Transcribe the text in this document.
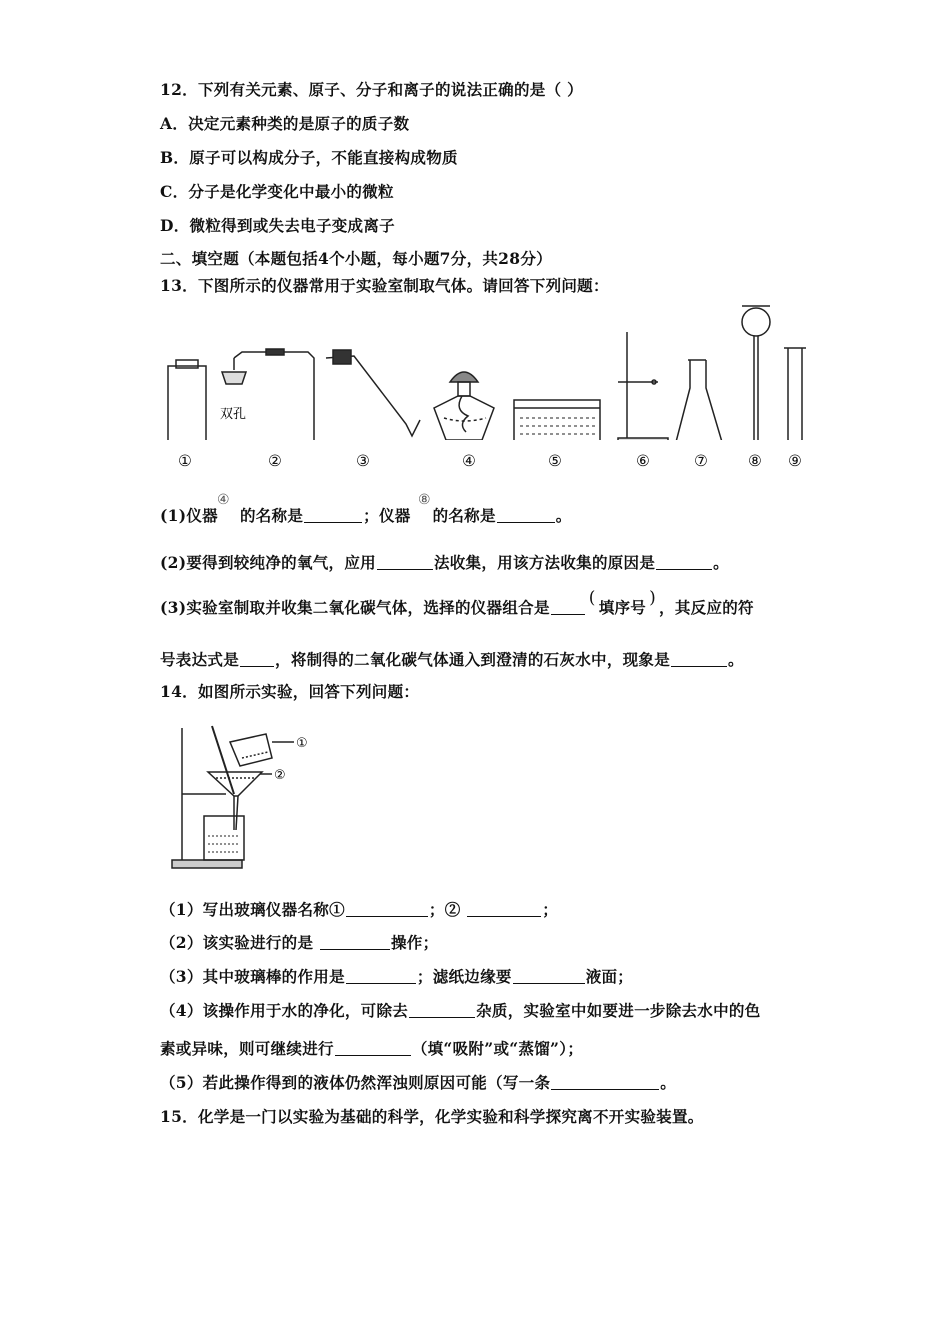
12．下列有关元素、原子、分子和离子的说法正确的是（ ）
A．决定元素种类的是原子的质子数
B．原子可以构成分子，不能直接构成物质
C．分子是化学变化中最小的微粒
D．微粒得到或失去电子变成离子
二、填空题（本题包括4个小题，每小题7分，共28分）
13．下图所示的仪器常用于实验室制取气体。请回答下列问题：
双孔
①	②	③	④	⑤	⑥	⑦	⑧ ⑨
(1)仪器 的名称是	；仪器 的名称是	。
④	⑧
(2)要得到较纯净的氧气，应用	法收集，用该方法收集的原因是	。
(3)实验室制取并收集二氧化碳气体，选择的仪器组合是 ( 填序号 ) ，其反应的符
号表达式是 ，将制得的二氧化碳气体通入到澄清的石灰水中，现象是	。
14．如图所示实验，回答下列问题：
①
②
（1）写出玻璃仪器名称①	；②	；
（2）该实验进行的是	操作；
（3）其中玻璃棒的作用是	；滤纸边缘要	液面；
（4）该操作用于水的净化，可除去	杂质，实验室中如要进一步除去水中的色
素或异味，则可继续进行	（填“吸附”或“蒸馏”）；
（5）若此操作得到的液体仍然浑浊则原因可能（写一条	。
15．化学是一门以实验为基础的科学，化学实验和科学探究离不开实验装置。
